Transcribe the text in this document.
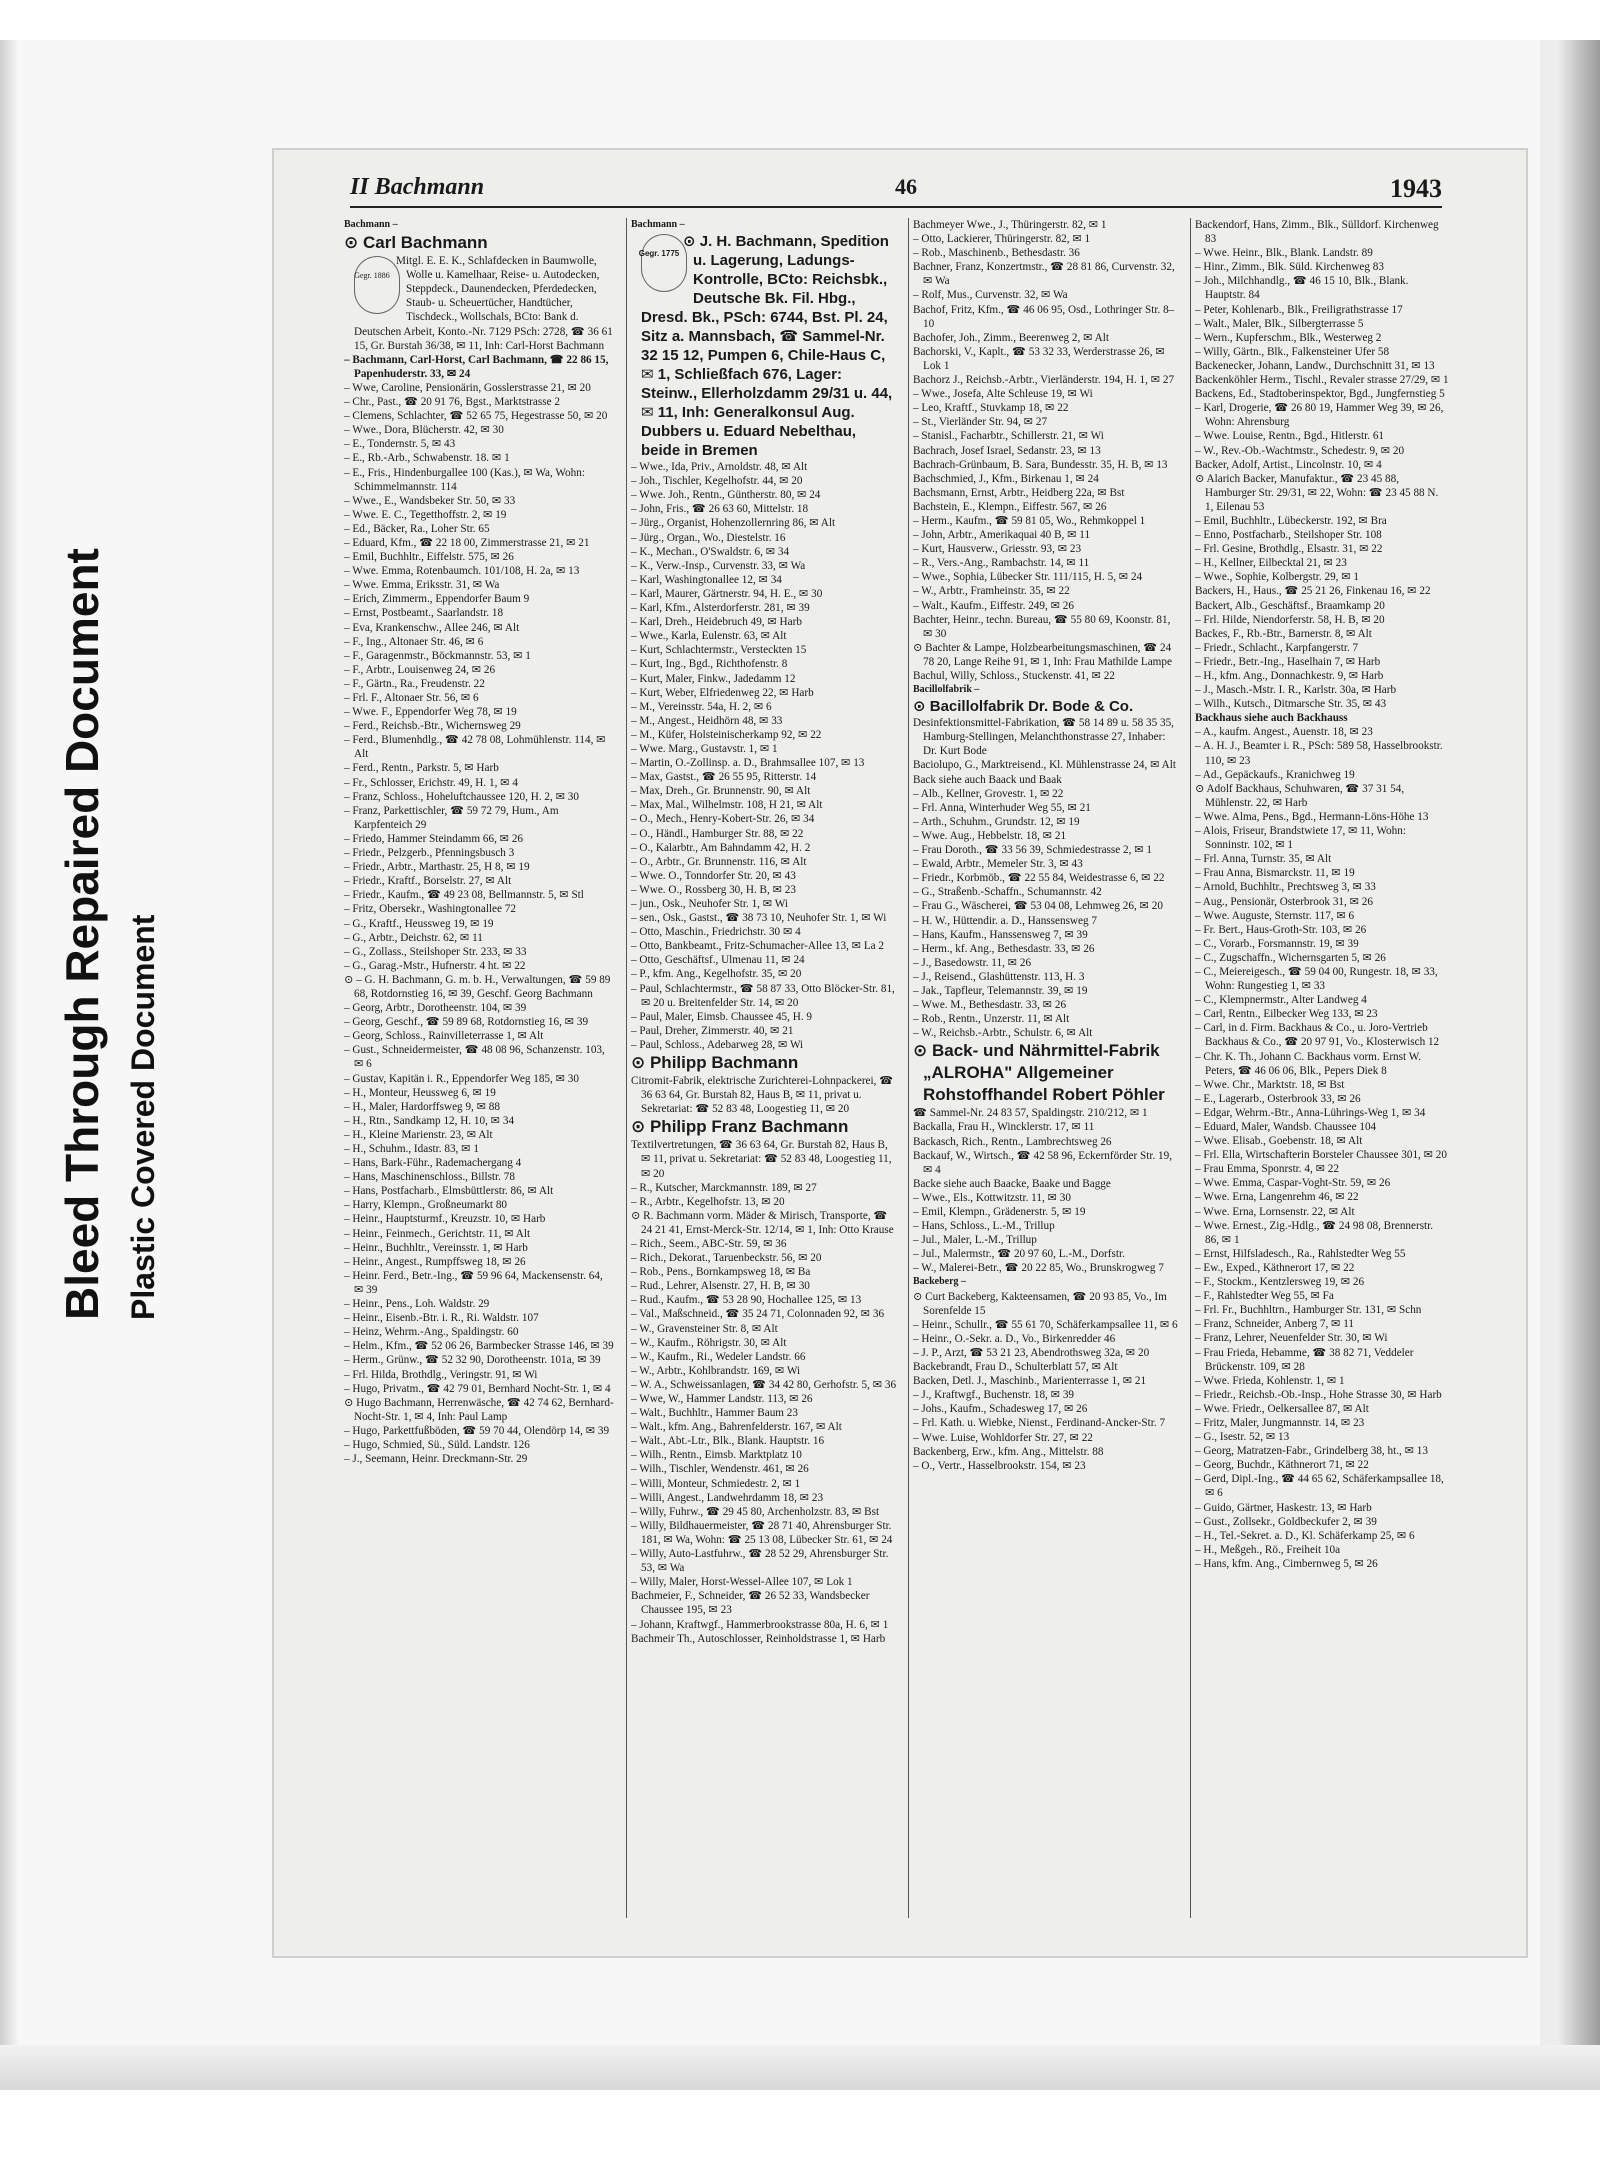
Bleed Through Repaired Document
Plastic Covered Document
II Bachmann	46	1943

Bachmann –

⊙ Carl Bachmann

Gegr. 1886
Mitgl. E. E. K., Schlafdecken in Baumwolle, Wolle u. Kamelhaar, Reise- u. Autodecken, Steppdeck., Daunendecken, Pferdedecken, Staub- u. Scheuertücher, Handtücher, Tischdeck., Wollschals, BCto: Bank d. Deutschen Arbeit, Konto.-Nr. 7129 PSch: 2728, ☎ 36 61 15, Gr. Burstah 36/38, ✉ 11, Inh: Carl-Horst Bachmann

– Bachmann, Carl-Horst, Carl Bachmann, ☎ 22 86 15, Papenhuderstr. 33, ✉ 24

– Wwe, Caroline, Pensionärin, Gosslerstrasse 21, ✉ 20

– Chr., Past., ☎ 20 91 76, Bgst., Marktstrasse 2

– Clemens, Schlachter, ☎ 52 65 75, Hegestrasse 50, ✉ 20

– Wwe., Dora, Blücherstr. 42, ✉ 30

– E., Tondernstr. 5, ✉ 43

– E., Rb.-Arb., Schwabenstr. 18. ✉ 1

– E., Fris., Hindenburgallee 100 (Kas.), ✉ Wa, Wohn: Schimmelmannstr. 114

– Wwe., E., Wandsbeker Str. 50, ✉ 33

– Wwe. E. C., Tegetthoffstr. 2, ✉ 19

– Ed., Bäcker, Ra., Loher Str. 65

– Eduard, Kfm., ☎ 22 18 00, Zimmerstrasse 21, ✉ 21

– Emil, Buchhltr., Eiffelstr. 575, ✉ 26

– Wwe. Emma, Rotenbaumch. 101/108, H. 2a, ✉ 13

– Wwe. Emma, Eriksstr. 31, ✉ Wa

– Erich, Zimmerm., Eppendorfer Baum 9

– Ernst, Postbeamt., Saarlandstr. 18

– Eva, Krankenschw., Allee 246, ✉ Alt

– F., Ing., Altonaer Str. 46, ✉ 6

– F., Garagenmstr., Böckmannstr. 53, ✉ 1

– F., Arbtr., Louisenweg 24, ✉ 26

– F., Gärtn., Ra., Freudenstr. 22

– Frl. F., Altonaer Str. 56, ✉ 6

– Wwe. F., Eppendorfer Weg 78, ✉ 19

– Ferd., Reichsb.-Btr., Wichernsweg 29

– Ferd., Blumenhdlg., ☎ 42 78 08, Lohmühlenstr. 114, ✉ Alt

– Ferd., Rentn., Parkstr. 5, ✉ Harb

– Fr., Schlosser, Erichstr. 49, H. 1, ✉ 4

– Franz, Schloss., Hoheluftchaussee 120, H. 2, ✉ 30

– Franz, Parkettischler, ☎ 59 72 79, Hum., Am Karpfenteich 29

– Friedo, Hammer Steindamm 66, ✉ 26

– Friedr., Pelzgerb., Pfenningsbusch 3

– Friedr., Arbtr., Marthastr. 25, H 8, ✉ 19

– Friedr., Kraftf., Borselstr. 27, ✉ Alt

– Friedr., Kaufm., ☎ 49 23 08, Bellmannstr. 5, ✉ Stl

– Fritz, Obersekr., Washingtonallee 72

– G., Kraftf., Heussweg 19, ✉ 19

– G., Arbtr., Deichstr. 62, ✉ 11

– G., Zollass., Steilshoper Str. 233, ✉ 33

– G., Garag.-Mstr., Hufnerstr. 4 ht. ✉ 22

⊙ – G. H. Bachmann, G. m. b. H., Verwaltungen, ☎ 59 89 68, Rotdornstieg 16, ✉ 39, Geschf. Georg Bachmann

– Georg, Arbtr., Dorotheenstr. 104, ✉ 39

– Georg, Geschf., ☎ 59 89 68, Rotdornstieg 16, ✉ 39

– Georg, Schloss., Rainvilleterrasse 1, ✉ Alt

– Gust., Schneidermeister, ☎ 48 08 96, Schanzenstr. 103, ✉ 6

– Gustav, Kapitän i. R., Eppendorfer Weg 185, ✉ 30

– H., Monteur, Heussweg 6, ✉ 19

– H., Maler, Hardorffsweg 9, ✉ 88

– H., Rtn., Sandkamp 12, H. 10, ✉ 34

– H., Kleine Marienstr. 23, ✉ Alt

– H., Schuhm., Idastr. 83, ✉ 1

– Hans, Bark-Führ., Rademachergang 4

– Hans, Maschinenschloss., Billstr. 78

– Hans, Postfacharb., Elmsbüttlerstr. 86, ✉ Alt

– Harry, Klempn., Großneumarkt 80

– Heinr., Hauptsturmf., Kreuzstr. 10, ✉ Harb

– Heinr., Feinmech., Gerichtstr. 11, ✉ Alt

– Heinr., Buchhltr., Vereinsstr. 1, ✉ Harb

– Heinr., Angest., Rumpffsweg 18, ✉ 26

– Heinr. Ferd., Betr.-Ing., ☎ 59 96 64, Mackensenstr. 64, ✉ 39

– Heinr., Pens., Loh. Waldstr. 29

– Heinr., Eisenb.-Btr. i. R., Ri. Waldstr. 107

– Heinz, Wehrm.-Ang., Spaldingstr. 60

– Helm., Kfm., ☎ 52 06 26, Barmbecker Strasse 146, ✉ 39

– Herm., Grünw., ☎ 52 32 90, Dorotheenstr. 101a, ✉ 39

– Frl. Hilda, Brothdlg., Veringstr. 91, ✉ Wi

– Hugo, Privatm., ☎ 42 79 01, Bernhard Nocht-Str. 1, ✉ 4

⊙ Hugo Bachmann, Herrenwäsche, ☎ 42 74 62, Bernhard-Nocht-Str. 1, ✉ 4, Inh: Paul Lamp

– Hugo, Parkettfußböden, ☎ 59 70 44, Olendörp 14, ✉ 39

– Hugo, Schmied, Sü., Süld. Landstr. 126

– J., Seemann, Heinr. Dreckmann-Str. 29

Bachmann –

Gegr. 1775
⊙ J. H. Bachmann, Spedition u. Lagerung, Ladungs-Kontrolle, BCto: Reichsbk., Deutsche Bk. Fil. Hbg., Dresd. Bk., PSch: 6744, Bst. Pl. 24, Sitz a. Mannsbach, ☎ Sammel-Nr. 32 15 12, Pumpen 6, Chile-Haus C, ✉ 1, Schließfach 676, Lager: Steinw., Ellerholzdamm 29/31 u. 44, ✉ 11, Inh: Generalkonsul Aug. Dubbers u. Eduard Nebelthau, beide in Bremen

– Wwe., Ida, Priv., Arnoldstr. 48, ✉ Alt

– Joh., Tischler, Kegelhofstr. 44, ✉ 20

– Wwe. Joh., Rentn., Güntherstr. 80, ✉ 24

– John, Fris., ☎ 26 63 60, Mittelstr. 18

– Jürg., Organist, Hohenzollernring 86, ✉ Alt

– Jürg., Organ., Wo., Diestelstr. 16

– K., Mechan., O'Swaldstr. 6, ✉ 34

– K., Verw.-Insp., Curvenstr. 33, ✉ Wa

– Karl, Washingtonallee 12, ✉ 34

– Karl, Maurer, Gärtnerstr. 94, H. E., ✉ 30

– Karl, Kfm., Alsterdorferstr. 281, ✉ 39

– Karl, Dreh., Heidebruch 49, ✉ Harb

– Wwe., Karla, Eulenstr. 63, ✉ Alt

– Kurt, Schlachtermstr., Versteckten 15

– Kurt, Ing., Bgd., Richthofenstr. 8

– Kurt, Maler, Finkw., Jadedamm 12

– Kurt, Weber, Elfriedenweg 22, ✉ Harb

– M., Vereinsstr. 54a, H. 2, ✉ 6

– M., Angest., Heidhörn 48, ✉ 33

– M., Küfer, Holsteinischerkamp 92, ✉ 22

– Wwe. Marg., Gustavstr. 1, ✉ 1

– Martin, O.-Zollinsp. a. D., Brahmsallee 107, ✉ 13

– Max, Gastst., ☎ 26 55 95, Ritterstr. 14

– Max, Dreh., Gr. Brunnenstr. 90, ✉ Alt

– Max, Mal., Wilhelmstr. 108, H 21, ✉ Alt

– O., Mech., Henry-Kobert-Str. 26, ✉ 34

– O., Händl., Hamburger Str. 88, ✉ 22

– O., Kalarbtr., Am Bahndamm 42, H. 2

– O., Arbtr., Gr. Brunnenstr. 116, ✉ Alt

– Wwe. O., Tonndorfer Str. 20, ✉ 43

– Wwe. O., Rossberg 30, H. B, ✉ 23

– jun., Osk., Neuhofer Str. 1, ✉ Wi

– sen., Osk., Gastst., ☎ 38 73 10, Neuhofer Str. 1, ✉ Wi

– Otto, Maschin., Friedrichstr. 30 ✉ 4

– Otto, Bankbeamt., Fritz-Schumacher-Allee 13, ✉ La 2

– Otto, Geschäftsf., Ulmenau 11, ✉ 24

– P., kfm. Ang., Kegelhofstr. 35, ✉ 20

– Paul, Schlachtermstr., ☎ 58 87 33, Otto Blöcker-Str. 81, ✉ 20 u. Breitenfelder Str. 14, ✉ 20

– Paul, Maler, Eimsb. Chaussee 45, H. 9

– Paul, Dreher, Zimmerstr. 40, ✉ 21

– Paul, Schloss., Adebarweg 28, ✉ Wi

⊙ Philipp Bachmann

Citromit-Fabrik, elektrische Zurichterei-Lohnpackerei, ☎ 36 63 64, Gr. Burstah 82, Haus B, ✉ 11, privat u. Sekretariat: ☎ 52 83 48, Loogestieg 11, ✉ 20

⊙ Philipp Franz Bachmann

Textilvertretungen, ☎ 36 63 64, Gr. Burstah 82, Haus B, ✉ 11, privat u. Sekretariat: ☎ 52 83 48, Loogestieg 11, ✉ 20

– R., Kutscher, Marckmannstr. 189, ✉ 27

– R., Arbtr., Kegelhofstr. 13, ✉ 20

⊙ R. Bachmann vorm. Mäder & Mirisch, Transporte, ☎ 24 21 41, Ernst-Merck-Str. 12/14, ✉ 1, Inh: Otto Krause

– Rich., Seem., ABC-Str. 59, ✉ 36

– Rich., Dekorat., Taruenbeckstr. 56, ✉ 20

– Rob., Pens., Bornkampsweg 18, ✉ Ba

– Rud., Lehrer, Alsenstr. 27, H. B, ✉ 30

– Rud., Kaufm., ☎ 53 28 90, Hochallee 125, ✉ 13

– Val., Maßschneid., ☎ 35 24 71, Colonnaden 92, ✉ 36

– W., Gravensteiner Str. 8, ✉ Alt

– W., Kaufm., Röhrigstr. 30, ✉ Alt

– W., Kaufm., Ri., Wedeler Landstr. 66

– W., Arbtr., Kohlbrandstr. 169, ✉ Wi

– W. A., Schweissanlagen, ☎ 34 42 80, Gerhofstr. 5, ✉ 36

– Wwe, W., Hammer Landstr. 113, ✉ 26

– Walt., Buchhltr., Hammer Baum 23

– Walt., kfm. Ang., Bahrenfelderstr. 167, ✉ Alt

– Walt., Abt.-Ltr., Blk., Blank. Hauptstr. 16

– Wilh., Rentn., Eimsb. Marktplatz 10

– Wilh., Tischler, Wendenstr. 461, ✉ 26

– Willi, Monteur, Schmiedestr. 2, ✉ 1

– Willi, Angest., Landwehrdamm 18, ✉ 23

– Willy, Fuhrw., ☎ 29 45 80, Archenholzstr. 83, ✉ Bst

– Willy, Bildhauermeister, ☎ 28 71 40, Ahrensburger Str. 181, ✉ Wa, Wohn: ☎ 25 13 08, Lübecker Str. 61, ✉ 24

– Willy, Auto-Lastfuhrw., ☎ 28 52 29, Ahrensburger Str. 53, ✉ Wa

– Willy, Maler, Horst-Wessel-Allee 107, ✉ Lok 1

Bachmeier, F., Schneider, ☎ 26 52 33, Wandsbecker Chaussee 195, ✉ 23

– Johann, Kraftwgf., Hammerbrookstrasse 80a, H. 6, ✉ 1

Bachmeir Th., Autoschlosser, Reinholdstrasse 1, ✉ Harb

Bachmeyer Wwe., J., Thüringerstr. 82, ✉ 1

– Otto, Lackierer, Thüringerstr. 82, ✉ 1

– Rob., Maschinenb., Bethesdastr. 36

Bachner, Franz, Konzertmstr., ☎ 28 81 86, Curvenstr. 32, ✉ Wa

– Rolf, Mus., Curvenstr. 32, ✉ Wa

Bachof, Fritz, Kfm., ☎ 46 06 95, Osd., Lothringer Str. 8–10

Bachofer, Joh., Zimm., Beerenweg 2, ✉ Alt

Bachorski, V., Kaplt., ☎ 53 32 33, Werderstrasse 26, ✉ Lok 1

Bachorz J., Reichsb.-Arbtr., Vierländerstr. 194, H. 1, ✉ 27

– Wwe., Josefa, Alte Schleuse 19, ✉ Wi

– Leo, Kraftf., Stuvkamp 18, ✉ 22

– St., Vierländer Str. 94, ✉ 27

– Stanisl., Facharbtr., Schillerstr. 21, ✉ Wi

Bachrach, Josef Israel, Sedanstr. 23, ✉ 13

Bachrach-Grünbaum, B. Sara, Bundesstr. 35, H. B, ✉ 13

Bachschmied, J., Kfm., Birkenau 1, ✉ 24

Bachsmann, Ernst, Arbtr., Heidberg 22a, ✉ Bst

Bachstein, E., Klempn., Eiffestr. 567, ✉ 26

– Herm., Kaufm., ☎ 59 81 05, Wo., Rehmkoppel 1

– John, Arbtr., Amerikaquai 40 B, ✉ 11

– Kurt, Hausverw., Griesstr. 93, ✉ 23

– R., Vers.-Ang., Rambachstr. 14, ✉ 11

– Wwe., Sophia, Lübecker Str. 111/115, H. 5, ✉ 24

– W., Arbtr., Framheinstr. 35, ✉ 22

– Walt., Kaufm., Eiffestr. 249, ✉ 26

Bachter, Heinr., techn. Bureau, ☎ 55 80 69, Koonstr. 81, ✉ 30

⊙ Bachter & Lampe, Holzbearbeitungsmaschinen, ☎ 24 78 20, Lange Reihe 91, ✉ 1, Inh: Frau Mathilde Lampe

Bachul, Willy, Schloss., Stuckenstr. 41, ✉ 22

Bacillolfabrik –

⊙ Bacillolfabrik Dr. Bode & Co.

Desinfektionsmittel-Fabrikation, ☎ 58 14 89 u. 58 35 35, Hamburg-Stellingen, Melanchthonstrasse 27, Inhaber: Dr. Kurt Bode

Baciolupo, G., Marktreisend., Kl. Mühlenstrasse 24, ✉ Alt

Back siehe auch Baack und Baak

– Alb., Kellner, Grovestr. 1, ✉ 22

– Frl. Anna, Winterhuder Weg 55, ✉ 21

– Arth., Schuhm., Grundstr. 12, ✉ 19

– Wwe. Aug., Hebbelstr. 18, ✉ 21

– Frau Doroth., ☎ 33 56 39, Schmiedestrasse 2, ✉ 1

– Ewald, Arbtr., Memeler Str. 3, ✉ 43

– Friedr., Korbmöb., ☎ 22 55 84, Weidestrasse 6, ✉ 22

– G., Straßenb.-Schaffn., Schumannstr. 42

– Frau G., Wäscherei, ☎ 53 04 08, Lehmweg 26, ✉ 20

– H. W., Hüttendir. a. D., Hanssensweg 7

– Hans, Kaufm., Hanssensweg 7, ✉ 39

– Herm., kf. Ang., Bethesdastr. 33, ✉ 26

– J., Basedowstr. 11, ✉ 26

– J., Reisend., Glashüttenstr. 113, H. 3

– Jak., Tapfleur, Telemannstr. 39, ✉ 19

– Wwe. M., Bethesdastr. 33, ✉ 26

– Rob., Rentn., Unzerstr. 11, ✉ Alt

– W., Reichsb.-Arbtr., Schulstr. 6, ✉ Alt

⊙ Back- und Nährmittel-Fabrik „ALROHA" Allgemeiner Rohstoffhandel Robert Pöhler

☎ Sammel-Nr. 24 83 57, Spaldingstr. 210/212, ✉ 1

Backalla, Frau H., Wincklerstr. 17, ✉ 11

Backasch, Rich., Rentn., Lambrechtsweg 26

Backauf, W., Wirtsch., ☎ 42 58 96, Eckernförder Str. 19, ✉ 4

Backe siehe auch Baacke, Baake und Bagge

– Wwe., Els., Kottwitzstr. 11, ✉ 30

– Emil, Klempn., Grädenerstr. 5, ✉ 19

– Hans, Schloss., L.-M., Trillup

– Jul., Maler, L.-M., Trillup

– Jul., Malermstr., ☎ 20 97 60, L.-M., Dorfstr.

– W., Malerei-Betr., ☎ 20 22 85, Wo., Brunskrogweg 7

Backeberg –

⊙ Curt Backeberg, Kakteensamen, ☎ 20 93 85, Vo., Im Sorenfelde 15

– Heinr., Schullr., ☎ 55 61 70, Schäferkampsallee 11, ✉ 6

– Heinr., O.-Sekr. a. D., Vo., Birkenredder 46

– J. P., Arzt, ☎ 53 21 23, Abendrothsweg 32a, ✉ 20

Backebrandt, Frau D., Schulterblatt 57, ✉ Alt

Backen, Detl. J., Maschinb., Marienterrasse 1, ✉ 21

– J., Kraftwgf., Buchenstr. 18, ✉ 39

– Johs., Kaufm., Schadesweg 17, ✉ 26

– Frl. Kath. u. Wiebke, Nienst., Ferdinand-Ancker-Str. 7

– Wwe. Luise, Wohldorfer Str. 27, ✉ 22

Backenberg, Erw., kfm. Ang., Mittelstr. 88

– O., Vertr., Hasselbrookstr. 154, ✉ 23

Backendorf, Hans, Zimm., Blk., Sülldorf. Kirchenweg 83

– Wwe. Heinr., Blk., Blank. Landstr. 89

– Hinr., Zimm., Blk. Süld. Kirchenweg 83

– Joh., Milchhandlg., ☎ 46 15 10, Blk., Blank. Hauptstr. 84

– Peter, Kohlenarb., Blk., Freiligrathstrasse 17

– Walt., Maler, Blk., Silbergterrasse 5

– Wern., Kupferschm., Blk., Westerweg 2

– Willy, Gärtn., Blk., Falkensteiner Ufer 58

Backenecker, Johann, Landw., Durchschnitt 31, ✉ 13

Backenköhler Herm., Tischl., Revaler strasse 27/29, ✉ 1

Backens, Ed., Stadtoberinspektor, Bgd., Jungfernstieg 5

– Karl, Drogerie, ☎ 26 80 19, Hammer Weg 39, ✉ 26, Wohn: Ahrensburg

– Wwe. Louise, Rentn., Bgd., Hitlerstr. 61

– W., Rev.-Ob.-Wachtmstr., Schedestr. 9, ✉ 20

Backer, Adolf, Artist., Lincolnstr. 10, ✉ 4

⊙ Alarich Backer, Manufaktur., ☎ 23 45 88, Hamburger Str. 29/31, ✉ 22, Wohn: ☎ 23 45 88 N. 1, Eilenau 53

– Emil, Buchhltr., Lübeckerstr. 192, ✉ Bra

– Enno, Postfacharb., Steilshoper Str. 108

– Frl. Gesine, Brothdlg., Elsastr. 31, ✉ 22

– H., Kellner, Eilbecktal 21, ✉ 23

– Wwe., Sophie, Kolbergstr. 29, ✉ 1

Backers, H., Haus., ☎ 25 21 26, Finkenau 16, ✉ 22

Backert, Alb., Geschäftsf., Braamkamp 20

– Frl. Hilde, Niendorferstr. 58, H. B, ✉ 20

Backes, F., Rb.-Btr., Barnerstr. 8, ✉ Alt

– Friedr., Schlacht., Karpfangerstr. 7

– Friedr., Betr.-Ing., Haselhain 7, ✉ Harb

– H., kfm. Ang., Donnachkestr. 9, ✉ Harb

– J., Masch.-Mstr. I. R., Karlstr. 30a, ✉ Harb

– Wilh., Kutsch., Ditmarsche Str. 35, ✉ 43

Backhaus siehe auch Backhauss

– A., kaufm. Angest., Auenstr. 18, ✉ 23

– A. H. J., Beamter i. R., PSch: 589 58, Hasselbrookstr. 110, ✉ 23

– Ad., Gepäckaufs., Kranichweg 19

⊙ Adolf Backhaus, Schuhwaren, ☎ 37 31 54, Mühlenstr. 22, ✉ Harb

– Wwe. Alma, Pens., Bgd., Hermann-Löns-Höhe 13

– Alois, Friseur, Brandstwiete 17, ✉ 11, Wohn: Sonninstr. 102, ✉ 1

– Frl. Anna, Turnstr. 35, ✉ Alt

– Frau Anna, Bismarckstr. 11, ✉ 19

– Arnold, Buchhltr., Prechtsweg 3, ✉ 33

– Aug., Pensionär, Osterbrook 31, ✉ 26

– Wwe. Auguste, Sternstr. 117, ✉ 6

– Fr. Bert., Haus-Groth-Str. 103, ✉ 26

– C., Vorarb., Forsmannstr. 19, ✉ 39

– C., Zugschaffn., Wichernsgarten 5, ✉ 26

– C., Meiereigesch., ☎ 59 04 00, Rungestr. 18, ✉ 33, Wohn: Rungestieg 1, ✉ 33

– C., Klempnermstr., Alter Landweg 4

– Carl, Rentn., Eilbecker Weg 133, ✉ 23

– Carl, in d. Firm. Backhaus & Co., u. Joro-Vertrieb Backhaus & Co., ☎ 20 97 91, Vo., Klosterwisch 12

– Chr. K. Th., Johann C. Backhaus vorm. Ernst W. Peters, ☎ 46 06 06, Blk., Pepers Diek 8

– Wwe. Chr., Marktstr. 18, ✉ Bst

– E., Lagerarb., Osterbrook 33, ✉ 26

– Edgar, Wehrm.-Btr., Anna-Lührings-Weg 1, ✉ 34

– Eduard, Maler, Wandsb. Chaussee 104

– Wwe. Elisab., Goebenstr. 18, ✉ Alt

– Frl. Ella, Wirtschafterin Borsteler Chaussee 301, ✉ 20

– Frau Emma, Sponrstr. 4, ✉ 22

– Wwe. Emma, Caspar-Voght-Str. 59, ✉ 26

– Wwe. Erna, Langenrehm 46, ✉ 22

– Wwe. Erna, Lornsenstr. 22, ✉ Alt

– Wwe. Ernest., Zig.-Hdlg., ☎ 24 98 08, Brennerstr. 86, ✉ 1

– Ernst, Hilfsladesch., Ra., Rahlstedter Weg 55

– Ew., Exped., Käthnerort 17, ✉ 22

– F., Stockm., Kentzlersweg 19, ✉ 26

– F., Rahlstedter Weg 55, ✉ Fa

– Frl. Fr., Buchhltrn., Hamburger Str. 131, ✉ Schn

– Franz, Schneider, Anberg 7, ✉ 11

– Franz, Lehrer, Neuenfelder Str. 30, ✉ Wi

– Frau Frieda, Hebamme, ☎ 38 82 71, Veddeler Brückenstr. 109, ✉ 28

– Wwe. Frieda, Kohlenstr. 1, ✉ 1

– Friedr., Reichsb.-Ob.-Insp., Hohe Strasse 30, ✉ Harb

– Wwe. Friedr., Oelkersallee 87, ✉ Alt

– Fritz, Maler, Jungmannstr. 14, ✉ 23

– G., Isestr. 52, ✉ 13

– Georg, Matratzen-Fabr., Grindelberg 38, ht., ✉ 13

– Georg, Buchdr., Käthnerort 71, ✉ 22

– Gerd, Dipl.-Ing., ☎ 44 65 62, Schäferkampsallee 18, ✉ 6

– Guido, Gärtner, Haskestr. 13, ✉ Harb

– Gust., Zollsekr., Goldbeckufer 2, ✉ 39

– H., Tel.-Sekret. a. D., Kl. Schäferkamp 25, ✉ 6

– H., Meßgeh., Rö., Freiheit 10a

– Hans, kfm. Ang., Cimbernweg 5, ✉ 26
